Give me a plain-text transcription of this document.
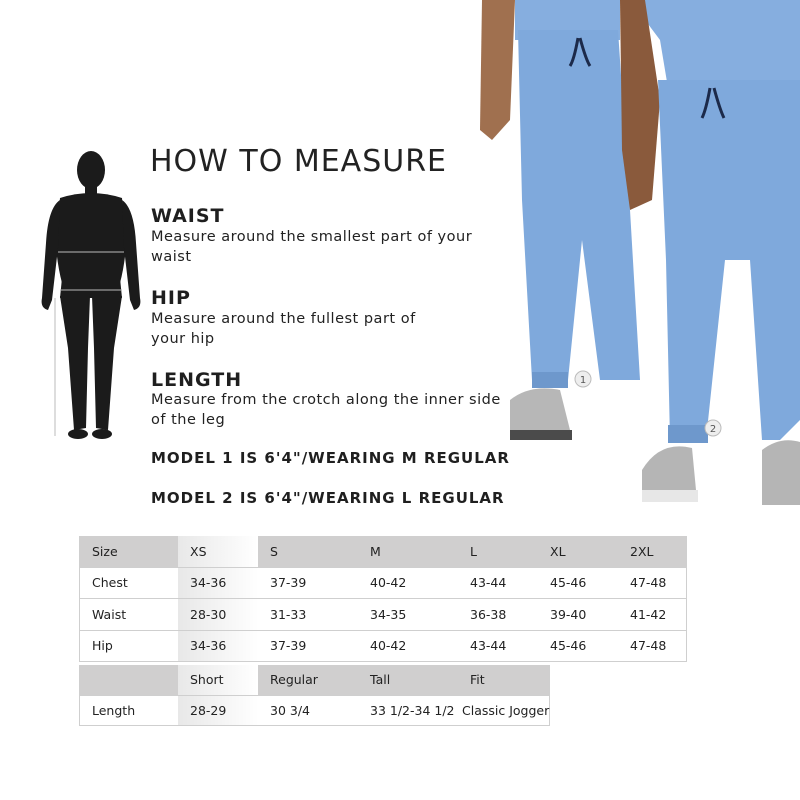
HOW TO MEASURE
WAIST
Measure around the smallest part of your waist
HIP
Measure around the fullest part of your hip
LENGTH
Measure from the crotch along the inner side of the leg
MODEL 1 IS 6'4"/WEARING M REGULAR
MODEL 2 IS 6'4"/WEARING L REGULAR
1
2
Size	XS	S	M	L	XL	2XL
Chest	34-36	37-39	40-42	43-44	45-46	47-48
Waist	28-30	31-33	34-35	36-38	39-40	41-42
Hip	34-36	37-39	40-42	43-44	45-46	47-48
	Short	Regular	Tall	Fit
Length	28-29	30 3/4	33 1/2-34 1/2	Classic Jogger
